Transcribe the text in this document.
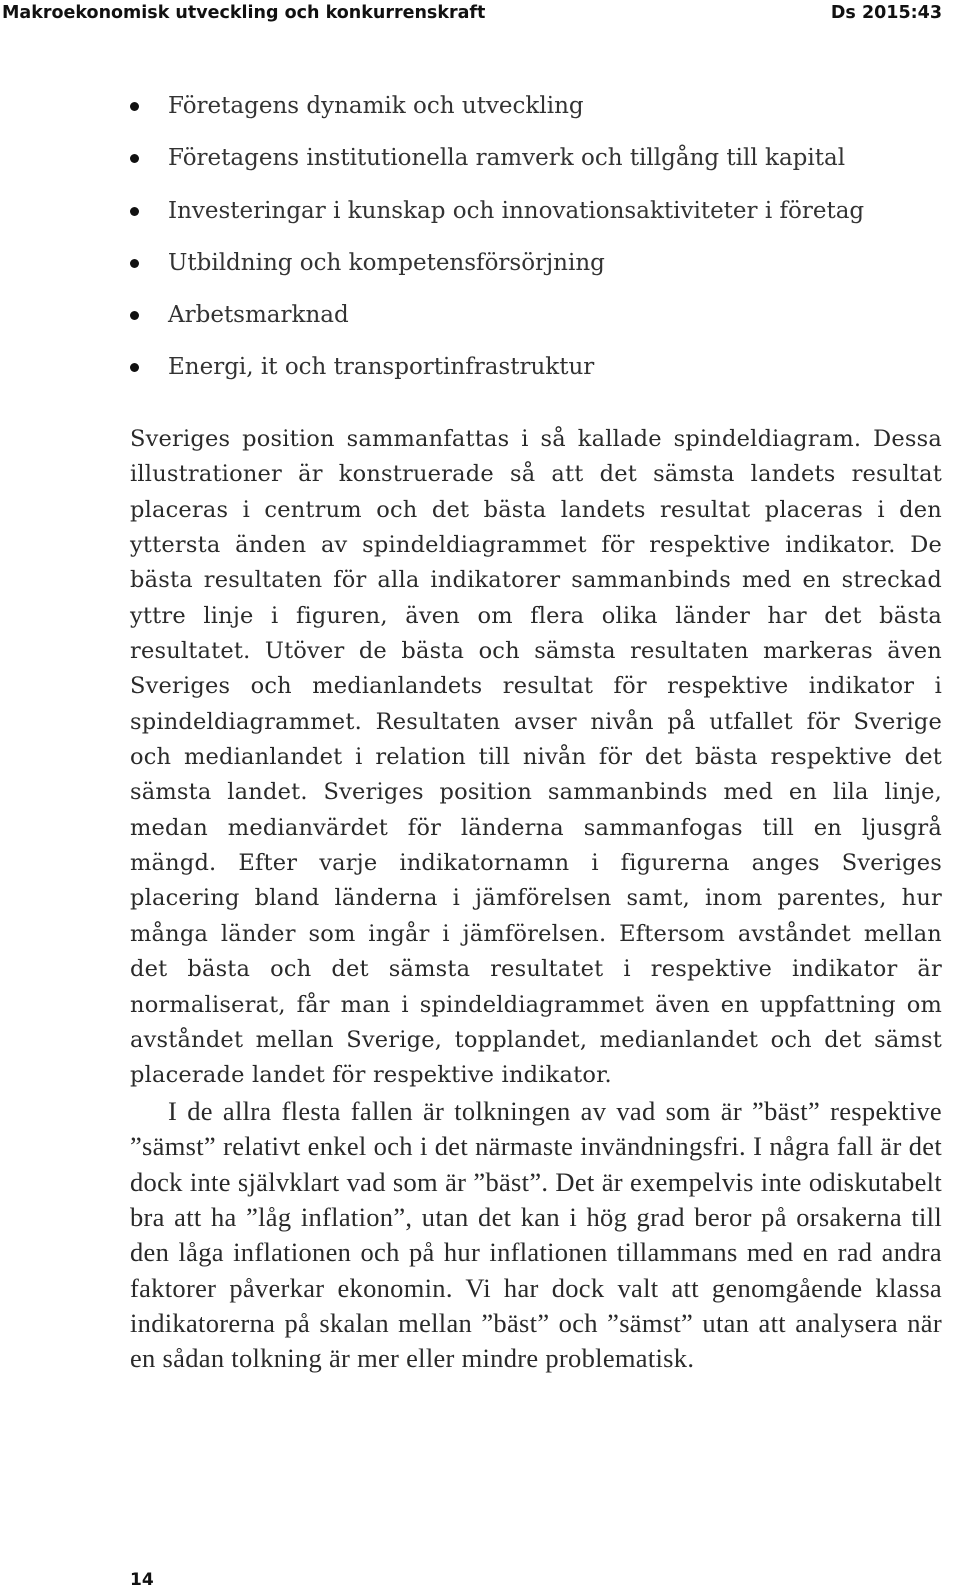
Makroekonomisk utveckling och konkurrenskraft	Ds 2015:43
Företagens dynamik och utveckling
Företagens institutionella ramverk och tillgång till kapital
Investeringar i kunskap och innovationsaktiviteter i företag
Utbildning och kompetensförsörjning
Arbetsmarknad
Energi, it och transportinfrastruktur

Sveriges position sammanfattas i så kallade spindeldiagram. Dessa illustrationer är konstruerade så att det sämsta landets resultat placeras i centrum och det bästa landets resultat placeras i den yttersta änden av spindeldiagrammet för respektive indikator. De bästa resultaten för alla indikatorer sammanbinds med en streckad yttre linje i figuren, även om flera olika länder har det bästa resultatet. Utöver de bästa och sämsta resultaten markeras även Sveriges och medianlandets resultat för respektive indikator i spindeldiagrammet. Resultaten avser nivån på utfallet för Sverige och medianlandet i relation till nivån för det bästa respektive det sämsta landet. Sveriges position sammanbinds med en lila linje, medan medianvärdet för länderna sammanfogas till en ljusgrå mängd. Efter varje indikatornamn i figurerna anges Sveriges placering bland länderna i jämförelsen samt, inom parentes, hur många länder som ingår i jämförelsen. Eftersom avståndet mellan det bästa och det sämsta resultatet i respektive indikator är normaliserat, får man i spindeldiagrammet även en uppfattning om avståndet mellan Sverige, topplandet, medianlandet och det sämst placerade landet för respektive indikator.

I de allra flesta fallen är tolkningen av vad som är ”bäst” respektive ”sämst” relativt enkel och i det närmaste invändningsfri. I några fall är det dock inte självklart vad som är ”bäst”. Det är exempelvis inte odiskutabelt bra att ha ”låg inflation”, utan det kan i hög grad beror på orsakerna till den låga inflationen och på hur inflationen tillammans med en rad andra faktorer påverkar ekonomin. Vi har dock valt att genomgående klassa indikatorerna på skalan mellan ”bäst” och ”sämst” utan att analysera när en sådan tolkning är mer eller mindre problematisk.

14
